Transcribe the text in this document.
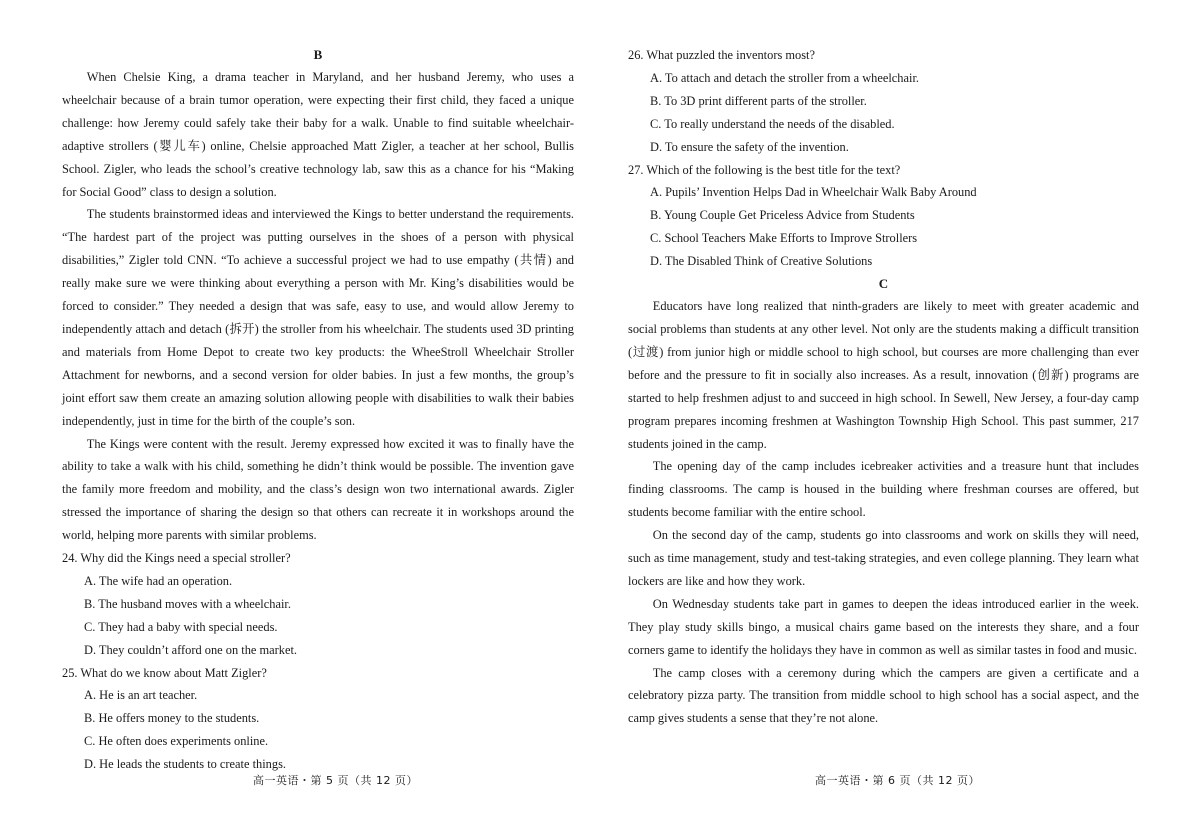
B

When Chelsie King, a drama teacher in Maryland, and her husband Jeremy, who uses a wheelchair because of a brain tumor operation, were expecting their first child, they faced a unique challenge: how Jeremy could safely take their baby for a walk. Unable to find suitable wheelchair-adaptive strollers (婴儿车) online, Chelsie approached Matt Zigler, a teacher at her school, Bullis School. Zigler, who leads the school’s creative technology lab, saw this as a chance for his “Making for Social Good” class to design a solution.

The students brainstormed ideas and interviewed the Kings to better understand the requirements. “The hardest part of the project was putting ourselves in the shoes of a person with physical disabilities,” Zigler told CNN. “To achieve a successful project we had to use empathy (共情) and really make sure we were thinking about everything a person with Mr. King’s disabilities would be forced to consider.” They needed a design that was safe, easy to use, and would allow Jeremy to independently attach and detach (拆开) the stroller from his wheelchair. The students used 3D printing and materials from Home Depot to create two key products: the WheeStroll Wheelchair Stroller Attachment for newborns, and a second version for older babies. In just a few months, the group’s joint effort saw them create an amazing solution allowing people with disabilities to walk their babies independently, just in time for the birth of the couple’s son.

The Kings were content with the result. Jeremy expressed how excited it was to finally have the ability to take a walk with his child, something he didn’t think would be possible. The invention gave the family more freedom and mobility, and the class’s design won two international awards. Zigler stressed the importance of sharing the design so that others can recreate it in workshops around the world, helping more parents with similar problems.

24. Why did the Kings need a special stroller?

A. The wife had an operation.

B. The husband moves with a wheelchair.

C. They had a baby with special needs.

D. They couldn’t afford one on the market.

25. What do we know about Matt Zigler?

A. He is an art teacher.

B. He offers money to the students.

C. He often does experiments online.

D. He leads the students to create things.

26. What puzzled the inventors most?

A. To attach and detach the stroller from a wheelchair.

B. To 3D print different parts of the stroller.

C. To really understand the needs of the disabled.

D. To ensure the safety of the invention.

27. Which of the following is the best title for the text?

A. Pupils’ Invention Helps Dad in Wheelchair Walk Baby Around

B. Young Couple Get Priceless Advice from Students

C. School Teachers Make Efforts to Improve Strollers

D. The Disabled Think of Creative Solutions

C

Educators have long realized that ninth-graders are likely to meet with greater academic and social problems than students at any other level. Not only are the students making a difficult transition (过渡) from junior high or middle school to high school, but courses are more challenging than ever before and the pressure to fit in socially also increases. As a result, innovation (创新) programs are started to help freshmen adjust to and succeed in high school. In Sewell, New Jersey, a four-day camp program prepares incoming freshmen at Washington Township High School. This past summer, 217 students joined in the camp.

The opening day of the camp includes icebreaker activities and a treasure hunt that includes finding classrooms. The camp is housed in the building where freshman courses are offered, but students become familiar with the entire school.

On the second day of the camp, students go into classrooms and work on skills they will need, such as time management, study and test-taking strategies, and even college planning. They learn what lockers are like and how they work.

On Wednesday students take part in games to deepen the ideas introduced earlier in the week. They play study skills bingo, a musical chairs game based on the interests they share, and a four corners game to identify the holidays they have in common as well as similar tastes in food and music.

The camp closes with a ceremony during which the campers are given a certificate and a celebratory pizza party. The transition from middle school to high school has a social aspect, and the camp gives students a sense that they’re not alone.

高一英语・第 5 页（共 12 页）	高一英语・第 6 页（共 12 页）
